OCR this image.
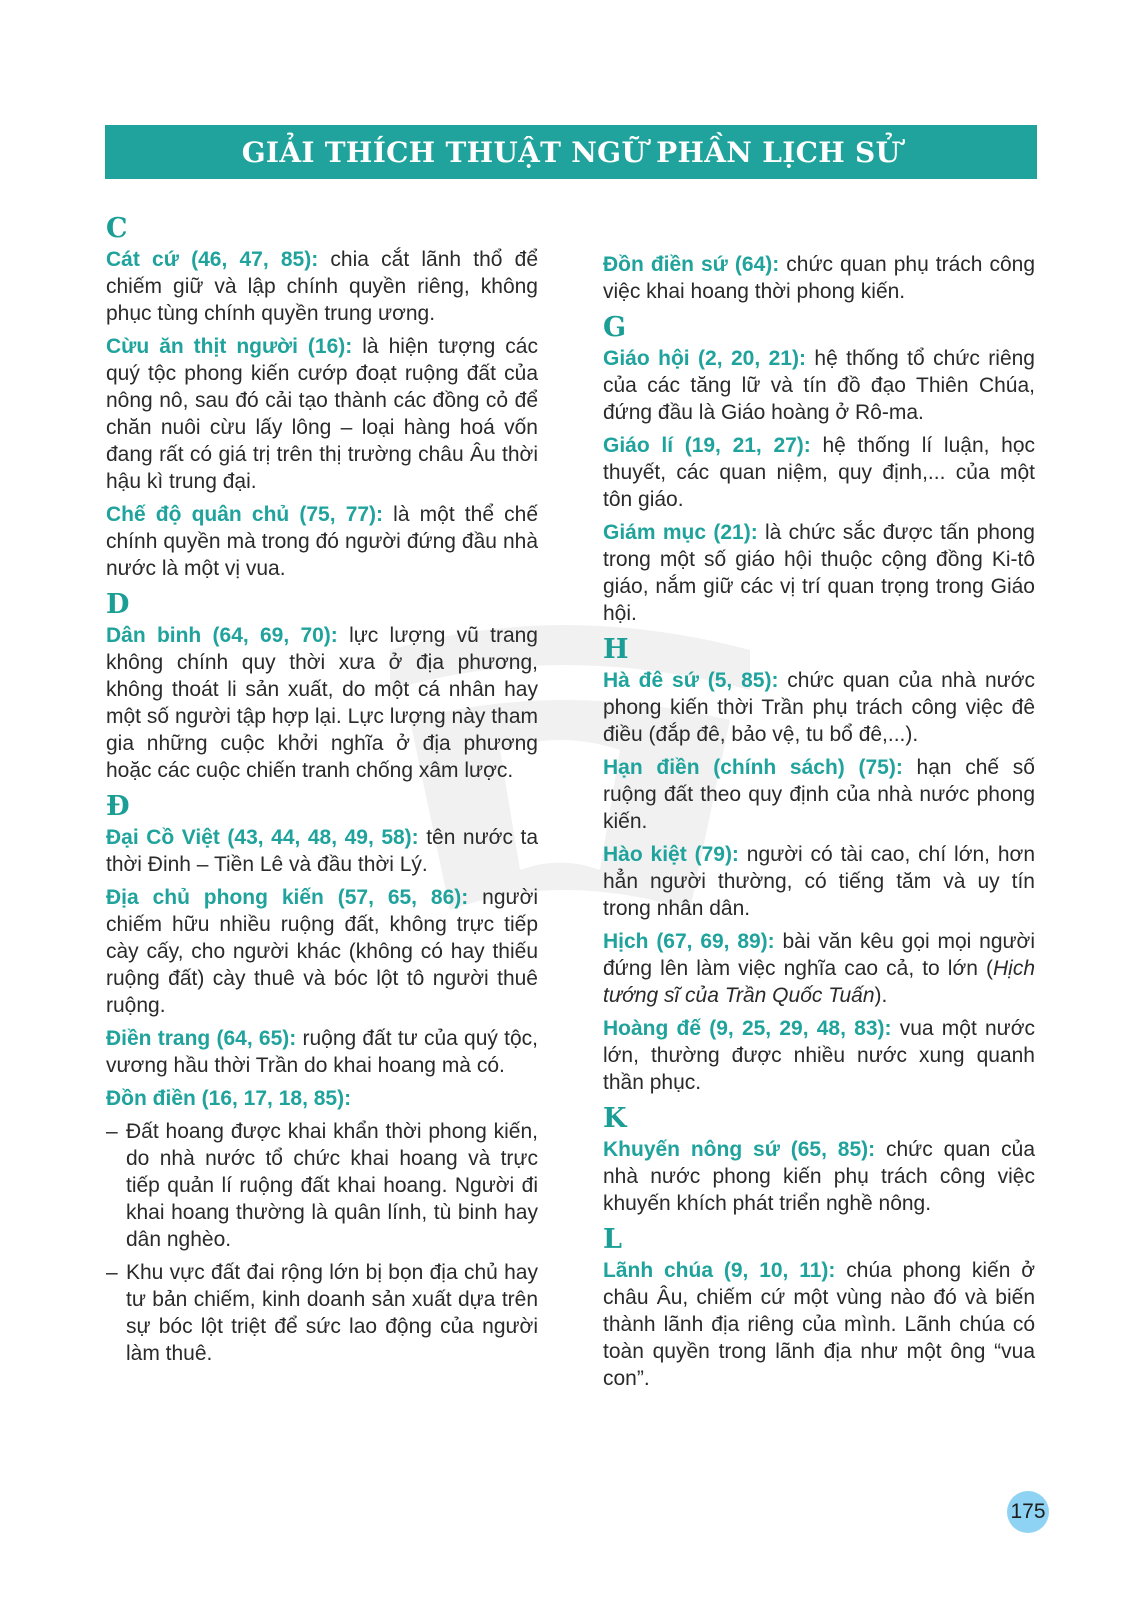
GIẢI THÍCH THUẬT NGỮ PHẦN LỊCH SỬ

C

Cát cứ (46, 47, 85): chia cắt lãnh thổ để chiếm giữ và lập chính quyền riêng, không phục tùng chính quyền trung ương.

Cừu ăn thịt người (16): là hiện tượng các quý tộc phong kiến cướp đoạt ruộng đất của nông nô, sau đó cải tạo thành các đồng cỏ để chăn nuôi cừu lấy lông – loại hàng hoá vốn đang rất có giá trị trên thị trường châu Âu thời hậu kì trung đại.

Chế độ quân chủ (75, 77): là một thể chế chính quyền mà trong đó người đứng đầu nhà nước là một vị vua.

D

Dân binh (64, 69, 70): lực lượng vũ trang không chính quy thời xưa ở địa phương, không thoát li sản xuất, do một cá nhân hay một số người tập hợp lại. Lực lượng này tham gia những cuộc khởi nghĩa ở địa phương hoặc các cuộc chiến tranh chống xâm lược.

Đ

Đại Cồ Việt (43, 44, 48, 49, 58): tên nước ta thời Đinh – Tiền Lê và đầu thời Lý.

Địa chủ phong kiến (57, 65, 86): người chiếm hữu nhiều ruộng đất, không trực tiếp cày cấy, cho người khác (không có hay thiếu ruộng đất) cày thuê và bóc lột tô người thuê ruộng.

Điền trang (64, 65): ruộng đất tư của quý tộc, vương hầu thời Trần do khai hoang mà có.

Đồn điền (16, 17, 18, 85):

– Đất hoang được khai khẩn thời phong kiến, do nhà nước tổ chức khai hoang và trực tiếp quản lí ruộng đất khai hoang. Người đi khai hoang thường là quân lính, tù binh hay dân nghèo.

– Khu vực đất đai rộng lớn bị bọn địa chủ hay tư bản chiếm, kinh doanh sản xuất dựa trên sự bóc lột triệt để sức lao động của người làm thuê.

Đồn điền sứ (64): chức quan phụ trách công việc khai hoang thời phong kiến.

G

Giáo hội (2, 20, 21): hệ thống tổ chức riêng của các tăng lữ và tín đồ đạo Thiên Chúa, đứng đầu là Giáo hoàng ở Rô-ma.

Giáo lí (19, 21, 27): hệ thống lí luận, học thuyết, các quan niệm, quy định,... của một tôn giáo.

Giám mục (21): là chức sắc được tấn phong trong một số giáo hội thuộc cộng đồng Ki-tô giáo, nắm giữ các vị trí quan trọng trong Giáo hội.

H

Hà đê sứ (5, 85): chức quan của nhà nước phong kiến thời Trần phụ trách công việc đê điều (đắp đê, bảo vệ, tu bổ đê,...).

Hạn điền (chính sách) (75): hạn chế số ruộng đất theo quy định của nhà nước phong kiến.

Hào kiệt (79): người có tài cao, chí lớn, hơn hẳn người thường, có tiếng tăm và uy tín trong nhân dân.

Hịch (67, 69, 89): bài văn kêu gọi mọi người đứng lên làm việc nghĩa cao cả, to lớn (Hịch tướng sĩ của Trần Quốc Tuấn).

Hoàng đế (9, 25, 29, 48, 83): vua một nước lớn, thường được nhiều nước xung quanh thần phục.

K

Khuyến nông sứ (65, 85): chức quan của nhà nước phong kiến phụ trách công việc khuyến khích phát triển nghề nông.

L

Lãnh chúa (9, 10, 11): chúa phong kiến ở châu Âu, chiếm cứ một vùng nào đó và biến thành lãnh địa riêng của mình. Lãnh chúa có toàn quyền trong lãnh địa như một ông “vua con”.

175
